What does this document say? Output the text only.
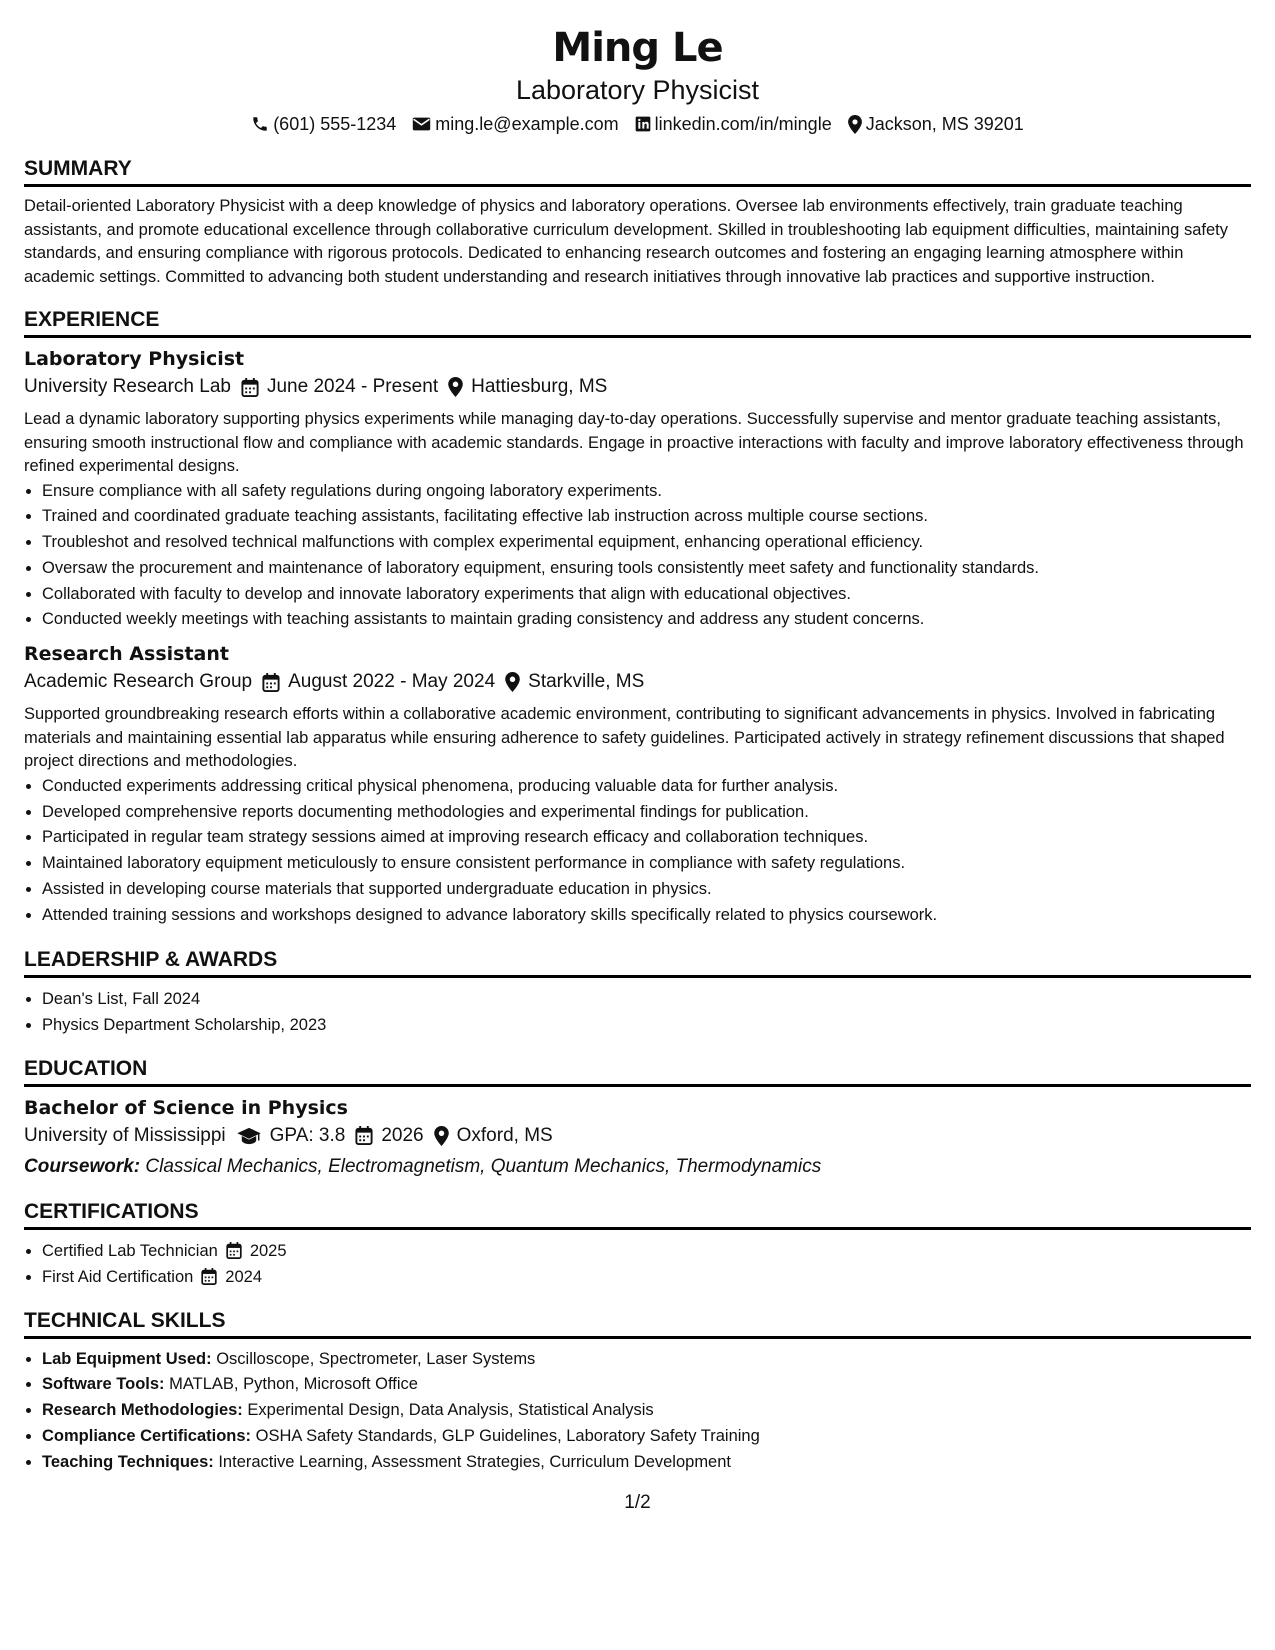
Ming Le
Laboratory Physicist
(601) 555-1234 ming.le@example.com linkedin.com/in/mingle Jackson, MS 39201
SUMMARY

Detail-oriented Laboratory Physicist with a deep knowledge of physics and laboratory operations. Oversee lab environments effectively, train graduate teaching assistants, and promote educational excellence through collaborative curriculum development. Skilled in troubleshooting lab equipment difficulties, maintaining safety standards, and ensuring compliance with rigorous protocols. Dedicated to enhancing research outcomes and fostering an engaging learning atmosphere within academic settings. Committed to advancing both student understanding and research initiatives through innovative lab practices and supportive instruction.

EXPERIENCE
Laboratory Physicist
University Research Lab June 2024 - Present Hattiesburg, MS

Lead a dynamic laboratory supporting physics experiments while managing day-to-day operations. Successfully supervise and mentor graduate teaching assistants, ensuring smooth instructional flow and compliance with academic standards. Engage in proactive interactions with faculty and improve laboratory effectiveness through refined experimental designs.

• Ensure compliance with all safety regulations during ongoing laboratory experiments.
• Trained and coordinated graduate teaching assistants, facilitating effective lab instruction across multiple course sections.
• Troubleshot and resolved technical malfunctions with complex experimental equipment, enhancing operational efficiency.
• Oversaw the procurement and maintenance of laboratory equipment, ensuring tools consistently meet safety and functionality standards.
• Collaborated with faculty to develop and innovate laboratory experiments that align with educational objectives.
• Conducted weekly meetings with teaching assistants to maintain grading consistency and address any student concerns.
Research Assistant
Academic Research Group August 2022 - May 2024 Starkville, MS

Supported groundbreaking research efforts within a collaborative academic environment, contributing to significant advancements in physics. Involved in fabricating materials and maintaining essential lab apparatus while ensuring adherence to safety guidelines. Participated actively in strategy refinement discussions that shaped project directions and methodologies.

• Conducted experiments addressing critical physical phenomena, producing valuable data for further analysis.
• Developed comprehensive reports documenting methodologies and experimental findings for publication.
• Participated in regular team strategy sessions aimed at improving research efficacy and collaboration techniques.
• Maintained laboratory equipment meticulously to ensure consistent performance in compliance with safety regulations.
• Assisted in developing course materials that supported undergraduate education in physics.
• Attended training sessions and workshops designed to advance laboratory skills specifically related to physics coursework.
LEADERSHIP & AWARDS
• Dean's List, Fall 2024
• Physics Department Scholarship, 2023
EDUCATION
Bachelor of Science in Physics
University of Mississippi GPA: 3.8 2026 Oxford, MS
Coursework: Classical Mechanics, Electromagnetism, Quantum Mechanics, Thermodynamics
CERTIFICATIONS
• Certified Lab Technician 2025
• First Aid Certification 2024
TECHNICAL SKILLS
• Lab Equipment Used: Oscilloscope, Spectrometer, Laser Systems
• Software Tools: MATLAB, Python, Microsoft Office
• Research Methodologies: Experimental Design, Data Analysis, Statistical Analysis
• Compliance Certifications: OSHA Safety Standards, GLP Guidelines, Laboratory Safety Training
• Teaching Techniques: Interactive Learning, Assessment Strategies, Curriculum Development
1/2
